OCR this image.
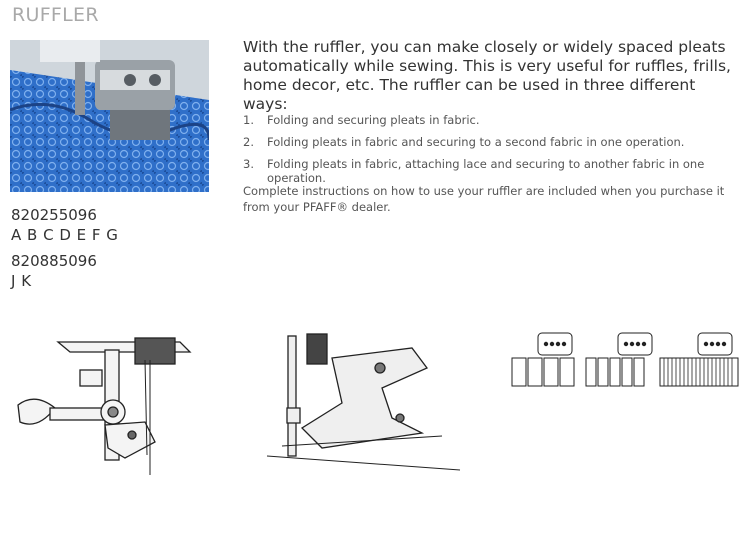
RUFFLER

820255096

A B C D E F G

820885096

J K

With the ruffler, you can make closely or widely spaced pleats automatically while sewing. This is very useful for ruffles, frills, home decor, etc. The ruffler can be used in three different ways:
1.	Folding and securing pleats in fabric.
2.	Folding pleats in fabric and securing to a second fabric in one operation.
3.	Folding pleats in fabric, attaching lace and securing to another fabric in one operation.
Complete instructions on how to use your ruffler are included when you purchase it from your PFAFF® dealer.
